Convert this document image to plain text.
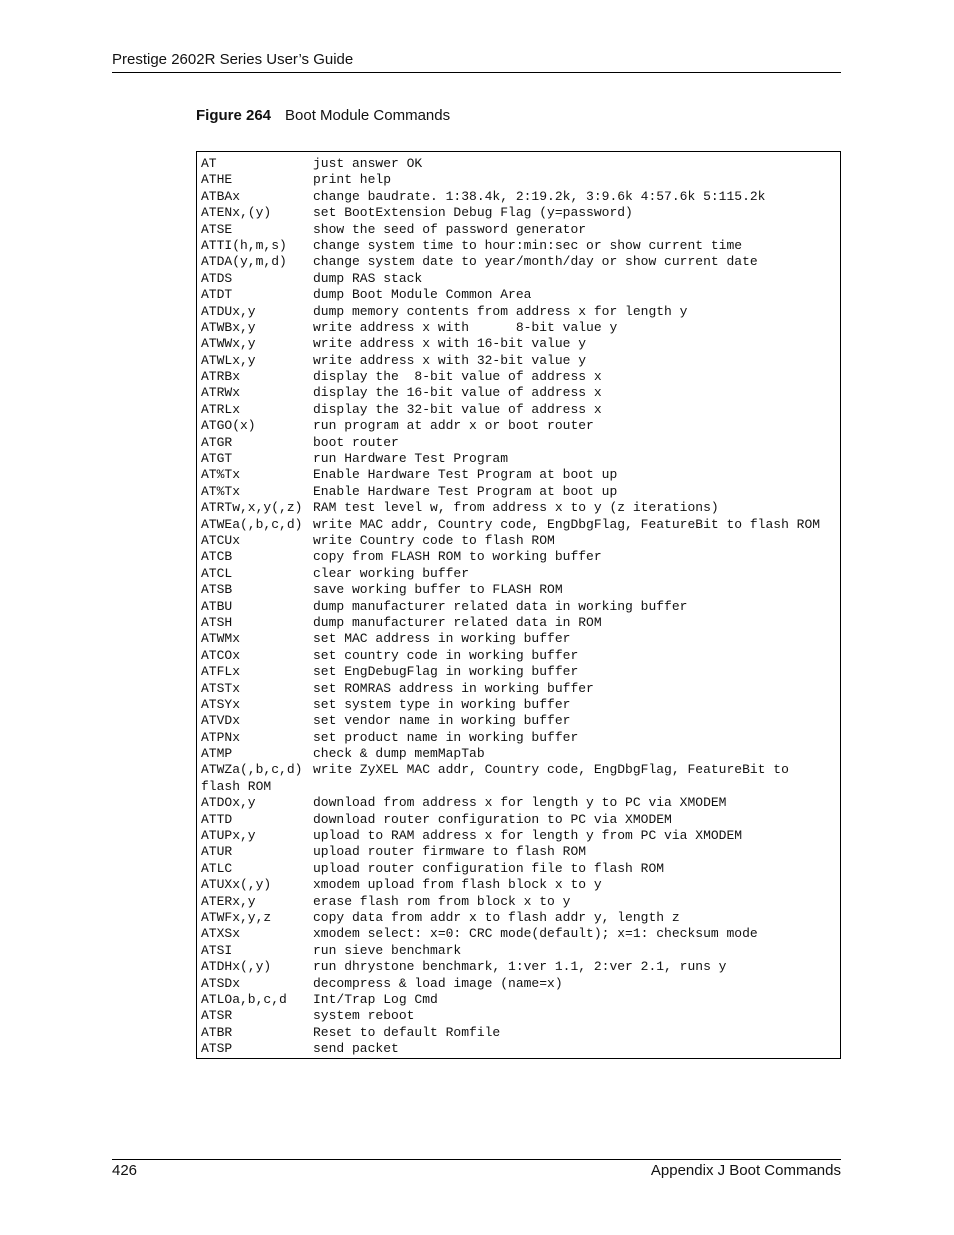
Prestige 2602R Series User’s Guide
Figure 264 Boot Module Commands
AT	just answer OK
ATHE	print help
ATBAx	change baudrate. 1:38.4k, 2:19.2k, 3:9.6k 4:57.6k 5:115.2k
ATENx,(y)	set BootExtension Debug Flag (y=password)
ATSE	show the seed of password generator
ATTI(h,m,s)	change system time to hour:min:sec or show current time
ATDA(y,m,d)	change system date to year/month/day or show current date
ATDS	dump RAS stack
ATDT	dump Boot Module Common Area
ATDUx,y	dump memory contents from address x for length y
ATWBx,y	write address x with      8-bit value y
ATWWx,y	write address x with 16-bit value y
ATWLx,y	write address x with 32-bit value y
ATRBx	display the  8-bit value of address x
ATRWx	display the 16-bit value of address x
ATRLx	display the 32-bit value of address x
ATGO(x)	run program at addr x or boot router
ATGR	boot router
ATGT	run Hardware Test Program
AT%Tx	Enable Hardware Test Program at boot up
AT%Tx	Enable Hardware Test Program at boot up
ATRTw,x,y(,z) RAM test level w, from address x to y (z iterations)
ATWEa(,b,c,d) write MAC addr, Country code, EngDbgFlag, FeatureBit to flash ROM
ATCUx	write Country code to flash ROM
ATCB	copy from FLASH ROM to working buffer
ATCL	clear working buffer
ATSB	save working buffer to FLASH ROM
ATBU	dump manufacturer related data in working buffer
ATSH	dump manufacturer related data in ROM
ATWMx	set MAC address in working buffer
ATCOx	set country code in working buffer
ATFLx	set EngDebugFlag in working buffer
ATSTx	set ROMRAS address in working buffer
ATSYx	set system type in working buffer
ATVDx	set vendor name in working buffer
ATPNx	set product name in working buffer
ATMP	check & dump memMapTab
ATWZa(,b,c,d) write ZyXEL MAC addr, Country code, EngDbgFlag, FeatureBit to
flash ROM
ATDOx,y	download from address x for length y to PC via XMODEM
ATTD	download router configuration to PC via XMODEM
ATUPx,y	upload to RAM address x for length y from PC via XMODEM
ATUR	upload router firmware to flash ROM
ATLC	upload router configuration file to flash ROM
ATUXx(,y)	xmodem upload from flash block x to y
ATERx,y	erase flash rom from block x to y
ATWFx,y,z	copy data from addr x to flash addr y, length z
ATXSx	xmodem select: x=0: CRC mode(default); x=1: checksum mode
ATSI	run sieve benchmark
ATDHx(,y)	run dhrystone benchmark, 1:ver 1.1, 2:ver 2.1, runs y
ATSDx	decompress & load image (name=x)
ATLOa,b,c,d	Int/Trap Log Cmd
ATSR	system reboot
ATBR	Reset to default Romfile
ATSP	send packet
426	Appendix J Boot Commands
